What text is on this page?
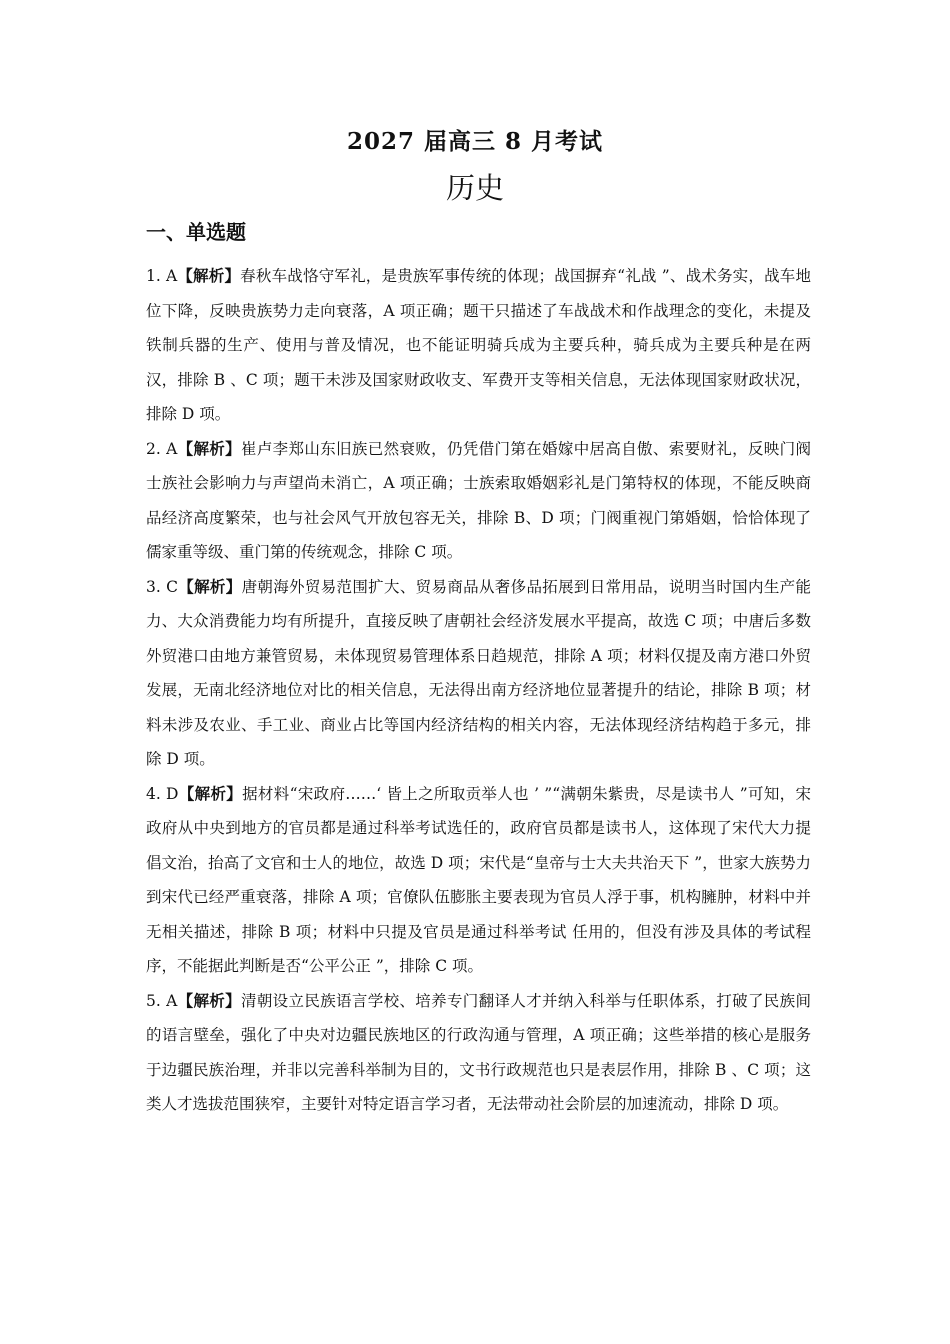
2027 届高三 8 月考试
历史
一、单选题

1. A【解析】春秋车战恪守军礼，是贵族军事传统的体现；战国摒弃“礼战 ”、战术务实，战车地位下降，反映贵族势力走向衰落，A 项正确；题干只描述了车战战术和作战理念的变化，未提及铁制兵器的生产、使用与普及情况，也不能证明骑兵成为主要兵种，骑兵成为主要兵种是在两汉，排除 B 、C 项；题干未涉及国家财政收支、军费开支等相关信息，无法体现国家财政状况，排除 D 项。

2. A【解析】崔卢李郑山东旧族已然衰败，仍凭借门第在婚嫁中居高自傲、索要财礼，反映门阀士族社会影响力与声望尚未消亡，A 项正确；士族索取婚姻彩礼是门第特权的体现，不能反映商品经济高度繁荣，也与社会风气开放包容无关，排除 B、D 项；门阀重视门第婚姻，恰恰体现了儒家重等级、重门第的传统观念，排除 C 项。

3. C【解析】唐朝海外贸易范围扩大、贸易商品从奢侈品拓展到日常用品，说明当时国内生产能力、大众消费能力均有所提升，直接反映了唐朝社会经济发展水平提高，故选 C 项；中唐后多数外贸港口由地方兼管贸易，未体现贸易管理体系日趋规范，排除 A 项；材料仅提及南方港口外贸发展，无南北经济地位对比的相关信息，无法得出南方经济地位显著提升的结论，排除 B 项；材料未涉及农业、手工业、商业占比等国内经济结构的相关内容，无法体现经济结构趋于多元，排除 D 项。

4. D【解析】据材料“宋政府……‘ 皆上之所取贡举人也 ’ ”“满朝朱紫贵，尽是读书人 ”可知，宋政府从中央到地方的官员都是通过科举考试选任的，政府官员都是读书人，这体现了宋代大力提倡文治，抬高了文官和士人的地位，故选 D 项；宋代是“皇帝与士大夫共治天下 ”，世家大族势力到宋代已经严重衰落，排除 A 项；官僚队伍膨胀主要表现为官员人浮于事，机构臃肿，材料中并无相关描述，排除 B 项；材料中只提及官员是通过科举考试 任用的，但没有涉及具体的考试程序，不能据此判断是否“公平公正 ”，排除 C 项。

5. A【解析】清朝设立民族语言学校、培养专门翻译人才并纳入科举与任职体系，打破了民族间的语言壁垒，强化了中央对边疆民族地区的行政沟通与管理，A 项正确；这些举措的核心是服务于边疆民族治理，并非以完善科举制为目的，文书行政规范也只是表层作用，排除 B 、C 项；这类人才选拔范围狭窄，主要针对特定语言学习者，无法带动社会阶层的加速流动，排除 D 项。
